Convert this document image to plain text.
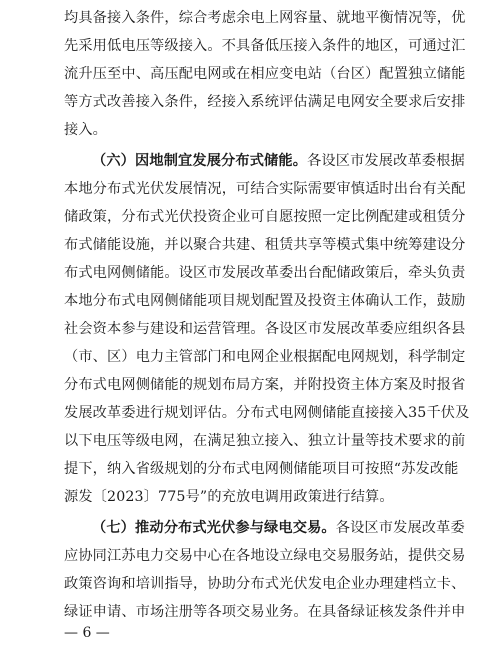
均具备接入条件，综合考虑余电上网容量、就地平衡情况等，优
先采用低电压等级接入。不具备低压接入条件的地区，可通过汇
流升压至中、高压配电网或在相应变电站（台区）配置独立储能
等方式改善接入条件，经接入系统评估满足电网安全要求后安排
接入。
（六）因地制宜发展分布式储能。各设区市发展改革委根据
本地分布式光伏发展情况，可结合实际需要审慎适时出台有关配
储政策，分布式光伏投资企业可自愿按照一定比例配建或租赁分
布式储能设施，并以聚合共建、租赁共享等模式集中统筹建设分
布式电网侧储能。设区市发展改革委出台配储政策后，牵头负责
本地分布式电网侧储能项目规划配置及投资主体确认工作，鼓励
社会资本参与建设和运营管理。各设区市发展改革委应组织各县
（市、区）电力主管部门和电网企业根据配电网规划，科学制定
分布式电网侧储能的规划布局方案，并附投资主体方案及时报省
发展改革委进行规划评估。分布式电网侧储能直接接入35千伏及
以下电压等级电网，在满足独立接入、独立计量等技术要求的前
提下，纳入省级规划的分布式电网侧储能项目可按照“苏发改能
源发〔2023〕775号”的充放电调用政策进行结算。
（七）推动分布式光伏参与绿电交易。各设区市发展改革委
应协同江苏电力交易中心在各地设立绿电交易服务站，提供交易
政策咨询和培训指导，协助分布式光伏发电企业办理建档立卡、
绿证申请、市场注册等各项交易业务。在具备绿证核发条件并申
— 6 —
